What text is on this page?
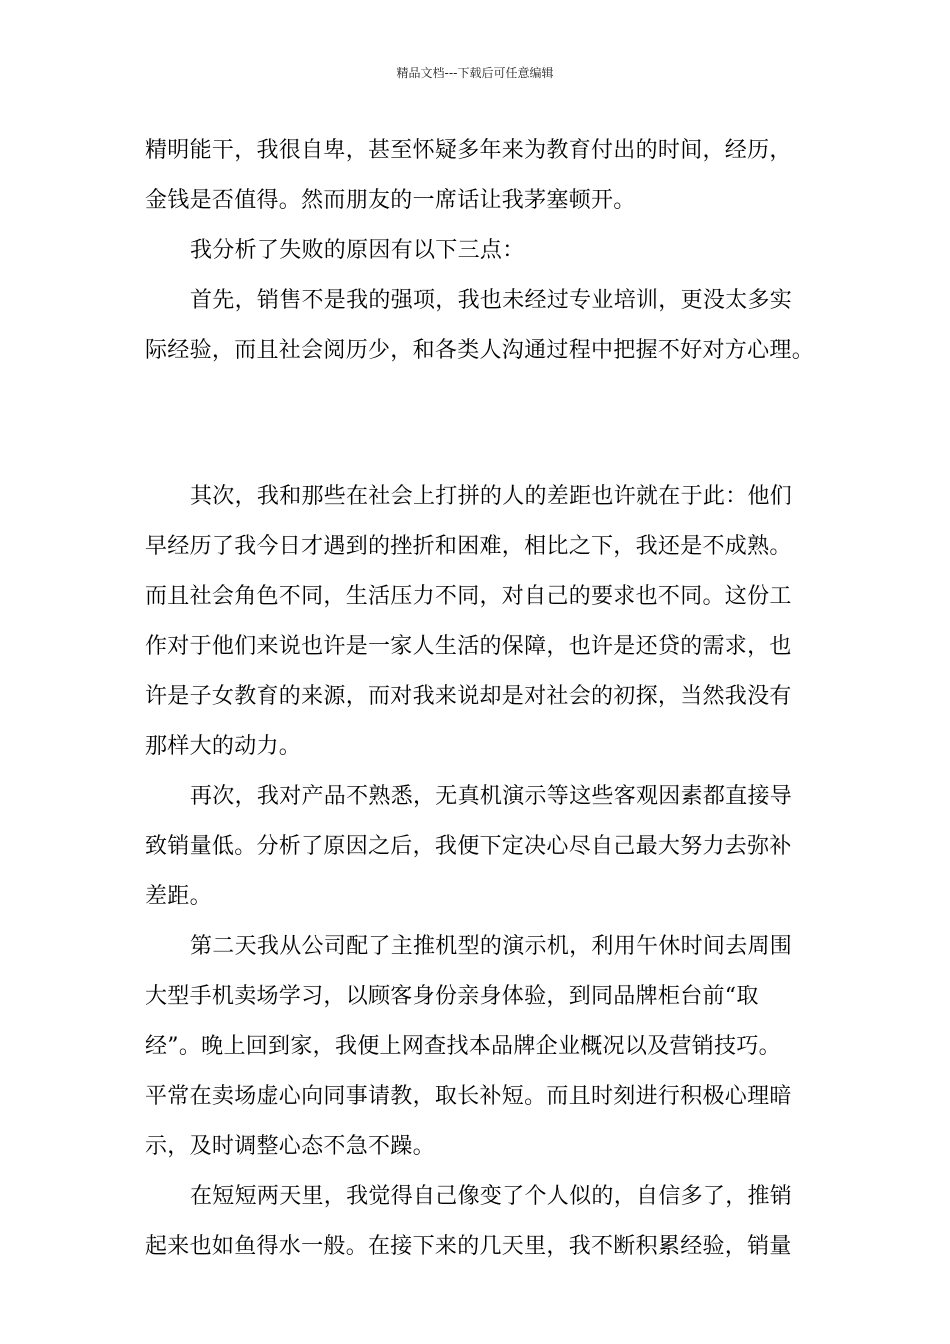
精品文档---下载后可任意编辑
精明能干，我很自卑，甚至怀疑多年来为教育付出的时间，经历，
金钱是否值得。然而朋友的一席话让我茅塞顿开。
我分析了失败的原因有以下三点：
首先，销售不是我的强项，我也未经过专业培训，更没太多实
际经验，而且社会阅历少，和各类人沟通过程中把握不好对方心理。
其次，我和那些在社会上打拼的人的差距也许就在于此：他们
早经历了我今日才遇到的挫折和困难，相比之下，我还是不成熟。
而且社会角色不同，生活压力不同，对自己的要求也不同。这份工
作对于他们来说也许是一家人生活的保障，也许是还贷的需求，也
许是子女教育的来源，而对我来说却是对社会的初探，当然我没有
那样大的动力。
再次，我对产品不熟悉，无真机演示等这些客观因素都直接导
致销量低。分析了原因之后，我便下定决心尽自己最大努力去弥补
差距。
第二天我从公司配了主推机型的演示机，利用午休时间去周围
大型手机卖场学习，以顾客身份亲身体验，到同品牌柜台前“取
经”。晚上回到家，我便上网查找本品牌企业概况以及营销技巧。
平常在卖场虚心向同事请教，取长补短。而且时刻进行积极心理暗
示，及时调整心态不急不躁。
在短短两天里，我觉得自己像变了个人似的，自信多了，推销
起来也如鱼得水一般。在接下来的几天里，我不断积累经验，销量
